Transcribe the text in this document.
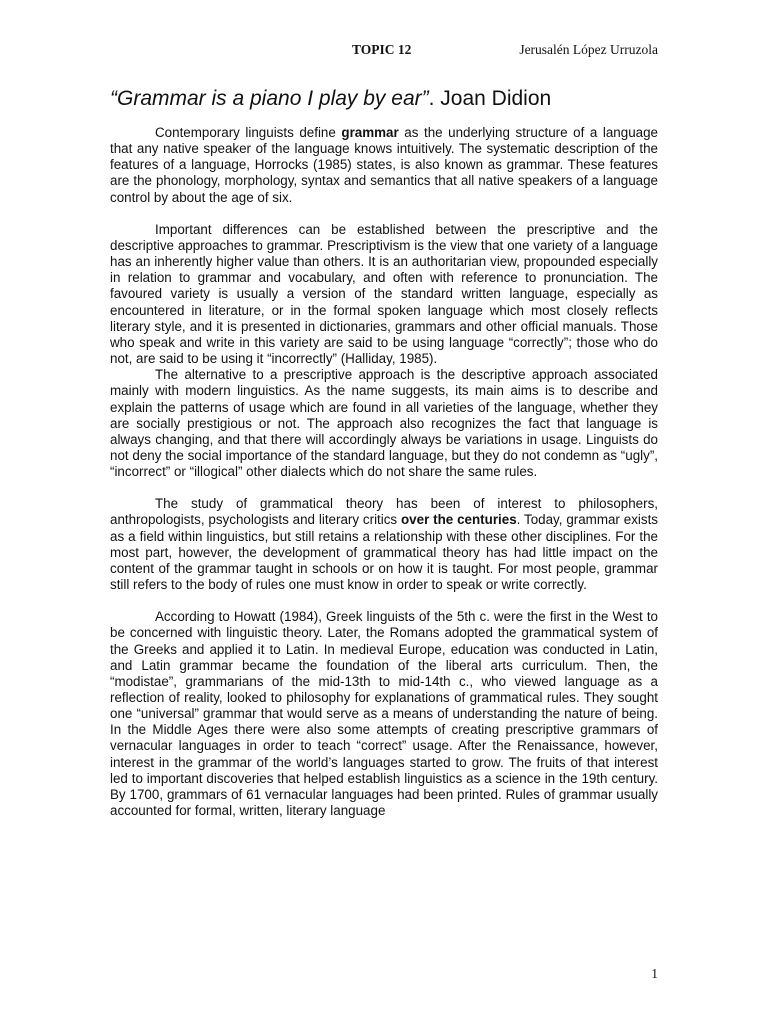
TOPIC 12	Jerusalén López Urruzola
“Grammar is a piano I play by ear”. Joan Didion

Contemporary linguists define grammar as the underlying structure of a language that any native speaker of the language knows intuitively. The systematic description of the features of a language, Horrocks (1985) states, is also known as grammar. These features are the phonology, morphology, syntax and semantics that all native speakers of a language control by about the age of six.

Important differences can be established between the prescriptive and the descriptive approaches to grammar. Prescriptivism is the view that one variety of a language has an inherently higher value than others. It is an authoritarian view, propounded especially in relation to grammar and vocabulary, and often with reference to pronunciation. The favoured variety is usually a version of the standard written language, especially as encountered in literature, or in the formal spoken language which most closely reflects literary style, and it is presented in dictionaries, grammars and other official manuals. Those who speak and write in this variety are said to be using language “correctly”; those who do not, are said to be using it “incorrectly” (Halliday, 1985).

The alternative to a prescriptive approach is the descriptive approach associated mainly with modern linguistics. As the name suggests, its main aims is to describe and explain the patterns of usage which are found in all varieties of the language, whether they are socially prestigious or not. The approach also recognizes the fact that language is always changing, and that there will accordingly always be variations in usage. Linguists do not deny the social importance of the standard language, but they do not condemn as “ugly”, “incorrect” or “illogical” other dialects which do not share the same rules.

The study of grammatical theory has been of interest to philosophers, anthropologists, psychologists and literary critics over the centuries. Today, grammar exists as a field within linguistics, but still retains a relationship with these other disciplines. For the most part, however, the development of grammatical theory has had little impact on the content of the grammar taught in schools or on how it is taught. For most people, grammar still refers to the body of rules one must know in order to speak or write correctly.

According to Howatt (1984), Greek linguists of the 5th c. were the first in the West to be concerned with linguistic theory. Later, the Romans adopted the grammatical system of the Greeks and applied it to Latin. In medieval Europe, education was conducted in Latin, and Latin grammar became the foundation of the liberal arts curriculum. Then, the “modistae”, grammarians of the mid-13th to mid-14th c., who viewed language as a reflection of reality, looked to philosophy for explanations of grammatical rules. They sought one “universal” grammar that would serve as a means of understanding the nature of being. In the Middle Ages there were also some attempts of creating prescriptive grammars of vernacular languages in order to teach “correct” usage. After the Renaissance, however, interest in the grammar of the world’s languages started to grow. The fruits of that interest led to important discoveries that helped establish linguistics as a science in the 19th century. By 1700, grammars of 61 vernacular languages had been printed. Rules of grammar usually accounted for formal, written, literary language

1
